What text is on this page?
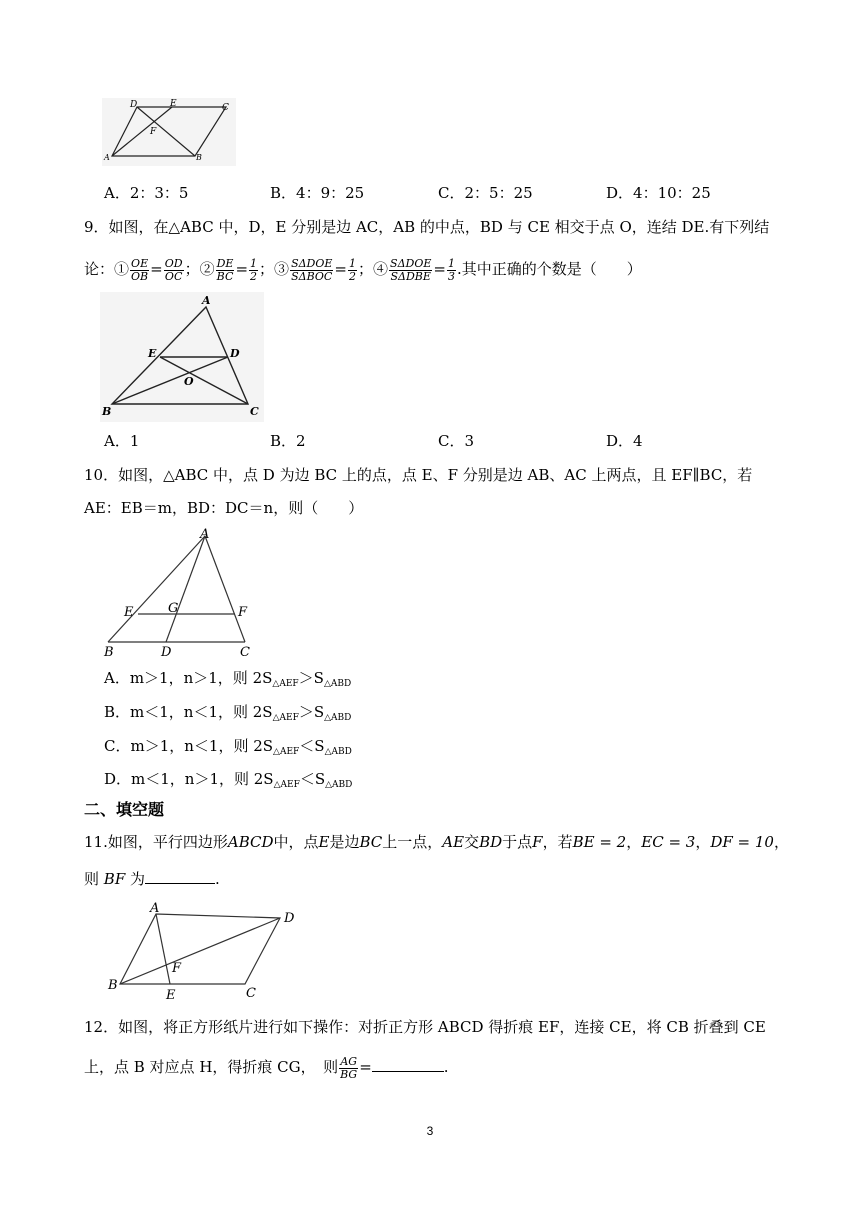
D	E	C
F
A	B
A．2：3：5	B．4：9：25	C．2：5：25	D．4：10：25
9．如图，在△ABC 中，D，E 分别是边 AC，AB 的中点，BD 与 CE 相交于点 O，连结 DE.有下列结
论：① $\frac{OE}{OB} = \frac{OD}{OC}$ ；② $\frac{DE}{BC} = \frac{1}{2}$ ；③ $\frac{\text{SΔDOE}}{\text{SΔBOC}} = \frac{1}{2}$ ；④ $\frac{\text{SΔDOE}}{\text{SΔDBE}} = \frac{1}{3}$ .其中正确的个数是（　　）
A
E	D
O
B	C
A．1	B．2	C．3	D．4
10．如图，△ABC 中，点 D 为边 BC 上的点，点 E、F 分别是边 AB、AC 上两点，且 EF∥BC，若
AE：EB＝m，BD：DC＝n，则（　　）
A
E	G	F
B	D	C
A．m＞1，n＞1，则 $2S_{\triangle AEF}>S_{\triangle ABD}$
B．m＜1，n＜1，则 $2S_{\triangle AEF}>S_{\triangle ABD}$
C．m＞1，n＜1，则 $2S_{\triangle AEF}<S_{\triangle ABD}$
D．m＜1，n＞1，则 $2S_{\triangle AEF}<S_{\triangle ABD}$
二、填空题
11.如图，平行四边形ABCD中，点E是边BC上一点，AE交BD于点F，若BE = 2，EC = 3，DF = 10，
则 BF 为	.
A
D
F
B
E	C
12．如图，将正方形纸片进行如下操作：对折正方形 ABCD 得折痕 EF，连接 CE，将 CB 折叠到 CE
上，点 B 对应点 H，得折痕 CG，　则 $\frac{AG}{BG}$ =	.
3
